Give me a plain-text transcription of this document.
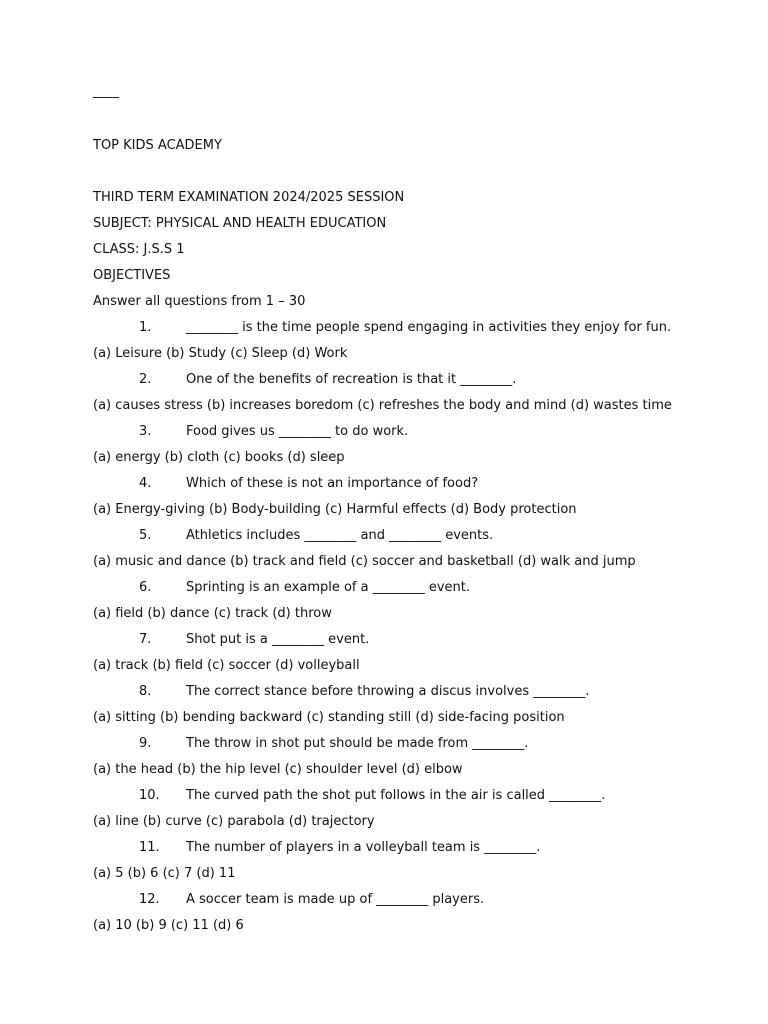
____
TOP KIDS ACADEMY
THIRD TERM EXAMINATION 2024/2025 SESSION
SUBJECT: PHYSICAL AND HEALTH EDUCATION
CLASS: J.S.S 1
OBJECTIVES
Answer all questions from 1 – 30
1.	________ is the time people spend engaging in activities they enjoy for fun.
(a) Leisure (b) Study (c) Sleep (d) Work
2.	One of the benefits of recreation is that it ________.
(a) causes stress (b) increases boredom (c) refreshes the body and mind (d) wastes time
3.	Food gives us ________ to do work.
(a) energy (b) cloth (c) books (d) sleep
4.	Which of these is not an importance of food?
(a) Energy-giving (b) Body-building (c) Harmful effects (d) Body protection
5.	Athletics includes ________ and ________ events.
(a) music and dance (b) track and field (c) soccer and basketball (d) walk and jump
6.	Sprinting is an example of a ________ event.
(a) field (b) dance (c) track (d) throw
7.	Shot put is a ________ event.
(a) track (b) field (c) soccer (d) volleyball
8.	The correct stance before throwing a discus involves ________.
(a) sitting (b) bending backward (c) standing still (d) side-facing position
9.	The throw in shot put should be made from ________.
(a) the head (b) the hip level (c) shoulder level (d) elbow
10. The curved path the shot put follows in the air is called ________.
(a) line (b) curve (c) parabola (d) trajectory
11. The number of players in a volleyball team is ________.
(a) 5 (b) 6 (c) 7 (d) 11
12. A soccer team is made up of ________ players.
(a) 10 (b) 9 (c) 11 (d) 6
